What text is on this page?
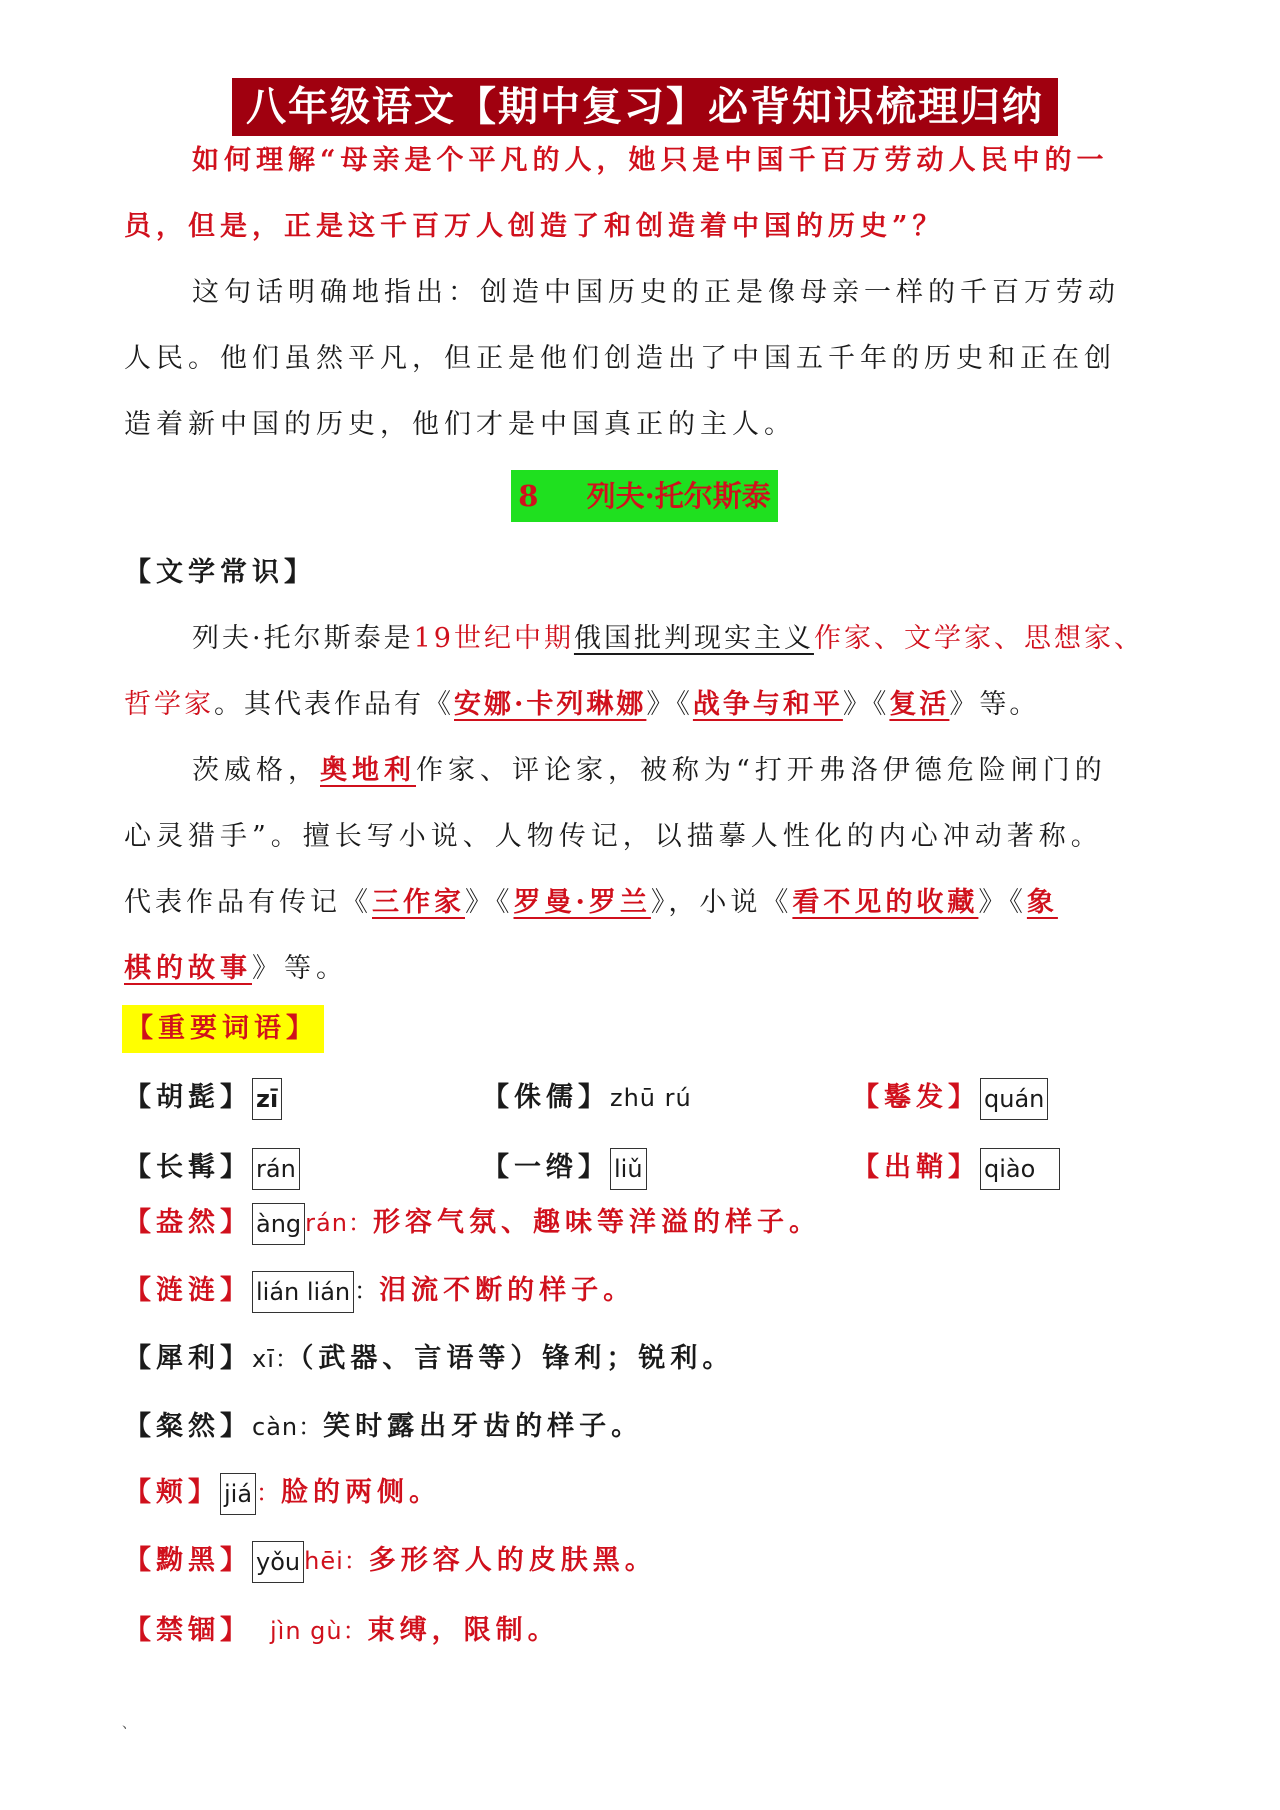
八年级语文【期中复习】必背知识梳理归纳
如何理解“母亲是个平凡的人，她只是中国千百万劳动人民中的一
员，但是，正是这千百万人创造了和创造着中国的历史”？
这句话明确地指出：创造中国历史的正是像母亲一样的千百万劳动
人民。他们虽然平凡，但正是他们创造出了中国五千年的历史和正在创
造着新中国的历史，他们才是中国真正的主人。
8 列夫·托尔斯泰
【文学常识】
列夫·托尔斯泰是19世纪中期俄国批判现实主义作家、文学家、思想家、
哲学家。其代表作品有《安娜·卡列琳娜》《战争与和平》《复活》等。
茨威格，奥地利作家、评论家，被称为“打开弗洛伊德危险闸门的
心灵猎手”。擅长写小说、人物传记，以描摹人性化的内心冲动著称。
代表作品有传记《三作家》《罗曼·罗兰》，小说《看不见的收藏》《象
棋的故事》等。
【重要词语】
【胡髭】 zī	【侏儒】zhū rú	【鬈发】 quán
【长髯】 rán	【一绺】 liǔ	【出鞘】 qiào
【盎然】 àng rán：形容气氛、趣味等洋溢的样子。
【涟涟】 lián lián ：泪流不断的样子。
【犀利】xī：（武器、言语等）锋利；锐利。
【粲然】càn：笑时露出牙齿的样子。
【颊】 jiá ：脸的两侧。
【黝黑】 yǒu hēi：多形容人的皮肤黑。
【禁锢】 jìn gù：束缚，限制。
、
